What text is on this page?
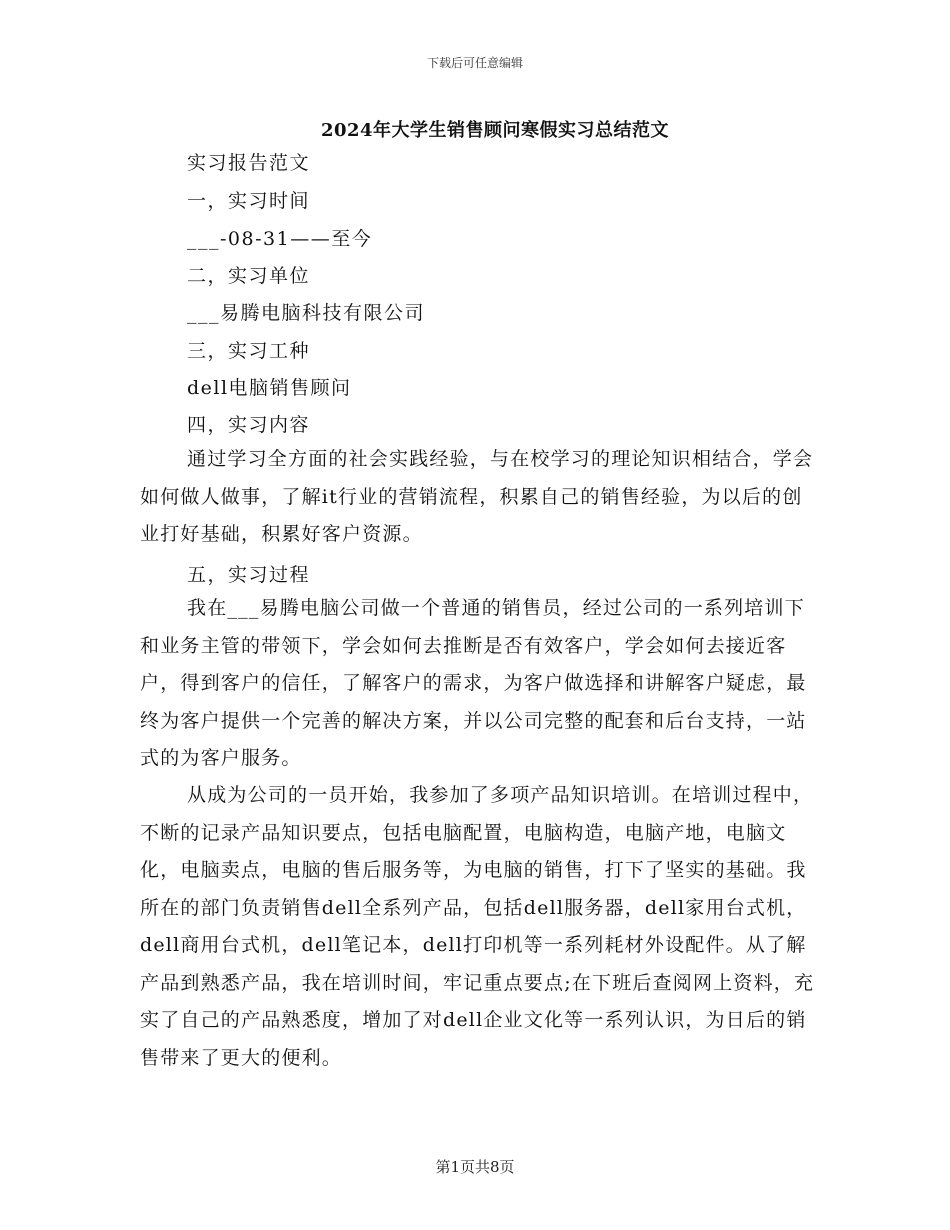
下载后可任意编辑
2024年大学生销售顾问寒假实习总结范文
实习报告范文
一，实习时间
___-08-31——至今
二，实习单位
___易腾电脑科技有限公司
三，实习工种
dell电脑销售顾问
四，实习内容
通过学习全方面的社会实践经验，与在校学习的理论知识相结合，学会如何做人做事，了解it行业的营销流程，积累自己的销售经验，为以后的创业打好基础，积累好客户资源。
五，实习过程
我在___易腾电脑公司做一个普通的销售员，经过公司的一系列培训下和业务主管的带领下，学会如何去推断是否有效客户，学会如何去接近客户，得到客户的信任，了解客户的需求，为客户做选择和讲解客户疑虑，最终为客户提供一个完善的解决方案，并以公司完整的配套和后台支持，一站式的为客户服务。
从成为公司的一员开始，我参加了多项产品知识培训。在培训过程中，不断的记录产品知识要点，包括电脑配置，电脑构造，电脑产地，电脑文化，电脑卖点，电脑的售后服务等，为电脑的销售，打下了坚实的基础。我所在的部门负责销售dell全系列产品，包括dell服务器，dell家用台式机，dell商用台式机，dell笔记本，dell打印机等一系列耗材外设配件。从了解产品到熟悉产品，我在培训时间，牢记重点要点;在下班后查阅网上资料，充实了自己的产品熟悉度，增加了对dell企业文化等一系列认识，为日后的销售带来了更大的便利。
第1页共8页
